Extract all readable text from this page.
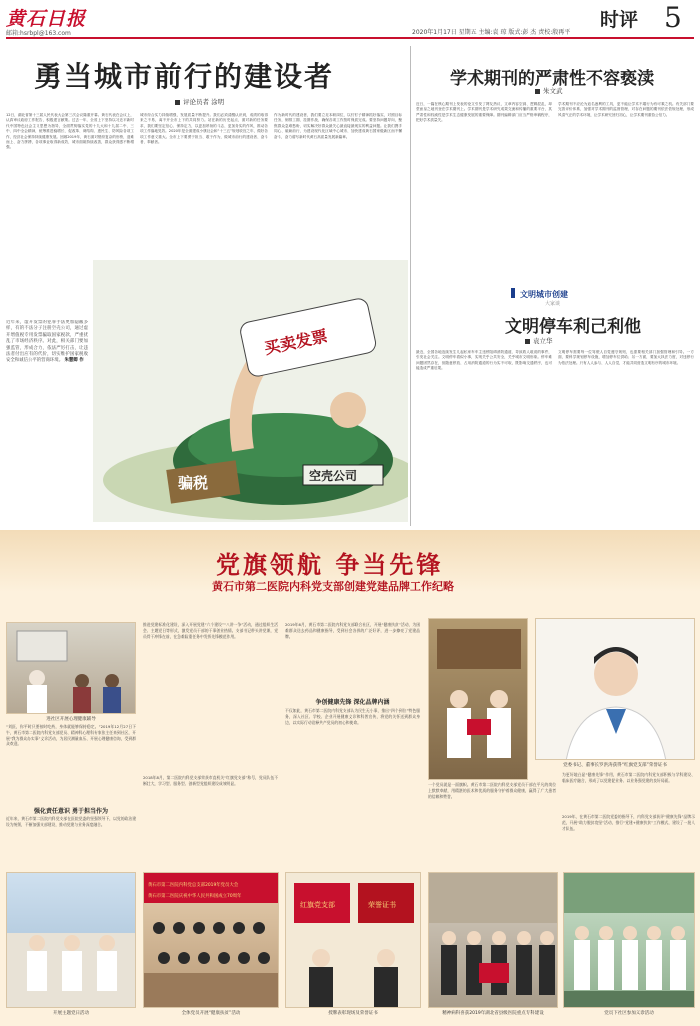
黄石日报
邮箱:hsrbpl@163.com	2020年1月17日 星期五 主编:袁 琼 版式:彭 杰 责校:殷再平
时评 5
勇当城市前行的建设者
评论员者 涂明
12日，湖北省第十三届人民代表大会第三次会议隆重开幕。黄石代表在会议上，认真审议政府工作报告，积极建言献策。过去一年，全省上下坚持以习近平新时代中国特色社会主义思想为指导，全面贯彻落实党的十九大和十九届二中、三中、四中全会精神，统筹推进稳增长、促改革、调结构、惠民生、防风险各项工作，经济社会保持持续健康发展。回顾2019年，黄石面对错综复杂的形势，迎难而上、奋力拼搏，各项事业取得新成效，城市面貌持续改善，群众获得感不断增强。
城市综合实力持续增强，发展质量不断提升。我们必须清醒认识到，成绩的取得来之不易，离不开全市上下的共同努力。站在新的历史起点，面对新的任务要求，我们要坚定信心、保持定力，以更加昂扬的斗志、更加务实的作风，推动各项工作落地见效。2020年是全面建成小康社会和“十三五”规划收官之年，做好各项工作意义重大。全市上下要勇于担当、敢于作为，做城市前行的建设者、奋斗者、奉献者。
作为新时代的建设者，我们要立足本职岗位，以钉钉子精神抓好落实，对照目标任务，倒排工期、挂图作战，确保各项工作按时保质完成。要坚持问题导向，聚焦群众急难愁盼，切实解决好群众最关心最直接最现实的利益问题。让我们携手同心、砥砺前行，为建设现代化区域中心城市、加快建成黄石国家级新区而不懈奋斗，奋力谱写新时代黄石高质量发展新篇章。
骗税	空壳公司
买卖发票
近年来，虚开发票的犯罪手法更加隐蔽多样，有的不法分子注册空壳公司，通过虚开增值税专用发票骗取国家税款，严重扰乱了市场经济秩序。对此，相关部门要加强监管，形成合力，依法严厉打击，让违法者付出应有的代价，切实维护国家税收安全和诚信公平的营商环境。 朱慧卿 作
学术期刊的严肃性不容亵渎
朱文武
近日，一篇在核心期刊上发表的论文引发了网友热议，文章内容空洞、逻辑混乱，却堂而皇之地刊登在学术期刊上。学术期刊是学术研究成果交流和传播的重要平台，其严肃性和权威性是学术生态健康发展的重要保障。期刊编辑部门应当严格审稿程序，把好学术质量关。
学术期刊不应沦为追名逐利的工具，更不能让学术不端行为有可乘之机。有关部门要完善评价体系，加强对学术期刊的监督管理，对存在问题的期刊依法依规处理，形成风清气正的学术环境，让学术研究回归初心，让学术期刊重拾公信力。
文明城市创建
大家谈
文明停车利己利他
袁立华
最近，全国各地连续发生几起私家车车主违停阻碍消防通道、导致救人耽误的事件，引发社会关注。文明停车看似小事，实则关乎公共安全，关乎城市文明形象。停车难问题固然存在，但随意停放、占用消防通道的行为实不可取，既影响交通秩序，也可能造成严重后果。
文明停车需要每一位驾驶人自觉遵守规则，也需要相关部门加强管理和引导。一方面，要科学规划停车设施，增加停车位供给；另一方面，要加大执法力度，对违停行为依法处理。只有人人参与、人人自觉，才能共同营造文明有序的城市环境。
党旗领航 争当先锋
黄石市第二医院内科党支部创建党建品牌工作纪略
进社区开展心理健康辅导
“刘医，你平时只要按时吃药，身体就能够保持稳定。”2019年12月27日下午，黄石市第二医院内科党支部党员、精神科心理科专家张主任来到社区，开展“我为群众办实事”义诊活动，为居民测量血压、开展心理健康咨询，受到群众欢迎。
强化责任意识 勇于担当作为
近年来，黄石市第二医院内科党支部在医院党委的坚强领导下，以党的政治建设为统领，不断加强支部建设，推动党建与业务深度融合。
推进党建标准化建设，深入开展党建“六个建设”“八讲一争”活动，通过组织生活会、主题党日等形式，激发党员干部的干事创业热情。支部书记带头讲党课，党员骨干冲锋在前，在急难险重任务中发挥先锋模范作用。
2018年8月，第二医院内科党支部荣获市直机关“红旗党支部”称号，党员队伍不断壮大，学习型、服务型、创新型党组织建设成效明显。
2019年6月，黄石市第二医院内科党支部联合社区，开展“健康扶贫”活动，为困难群众送去药品和健康指导，受到社会各界的广泛好评，进一步擦亮了党建品牌。
争创健康先锋 深化品牌内涵
不仅如此，黄石市第二医院内科党支部认为民生无小事，推出“四个到位”特色服务，深入社区、学校、企业开展健康义诊和科普宣传，将党的关怀送到群众身边，以实际行动诠释共产党员的初心和使命。
党委书记、董事长罗洪涛获得“红旗党支部”荣誉证书
一个党员就是一面旗帜。黄石市第二医院内科党支部党员干部在平凡的岗位上默默奉献，用精湛的医术和优质的服务守护着群众健康，赢得了广大患者的信赖和赞誉。
为更好地凸显“健康先锋”作用，黄石市第二医院内科党支部积极与学科建设、临床医疗融合，形成了以党建促业务、以业务强党建的良好局面。
2019年，在黄石市第二医院党委的指导下，内科党支部获评“健康先锋”品牌示范，开展“助力脱贫攻坚”活动，推行“党建+健康扶贫”工作模式，建设了一批人才队伍。
开展主题党日活动
黄石市第二医院内科党总支部2019年党员大会
黄石市第二医院庆祝中华人民共和国成立70周年
全体党员开展“健康扶贫”活动
红旗党支部	荣誉证书
授牌表彰现场及荣誉证书	精神病科喜获2019年湖北省县级医院重点专科建设	党员下社区参加义诊活动
